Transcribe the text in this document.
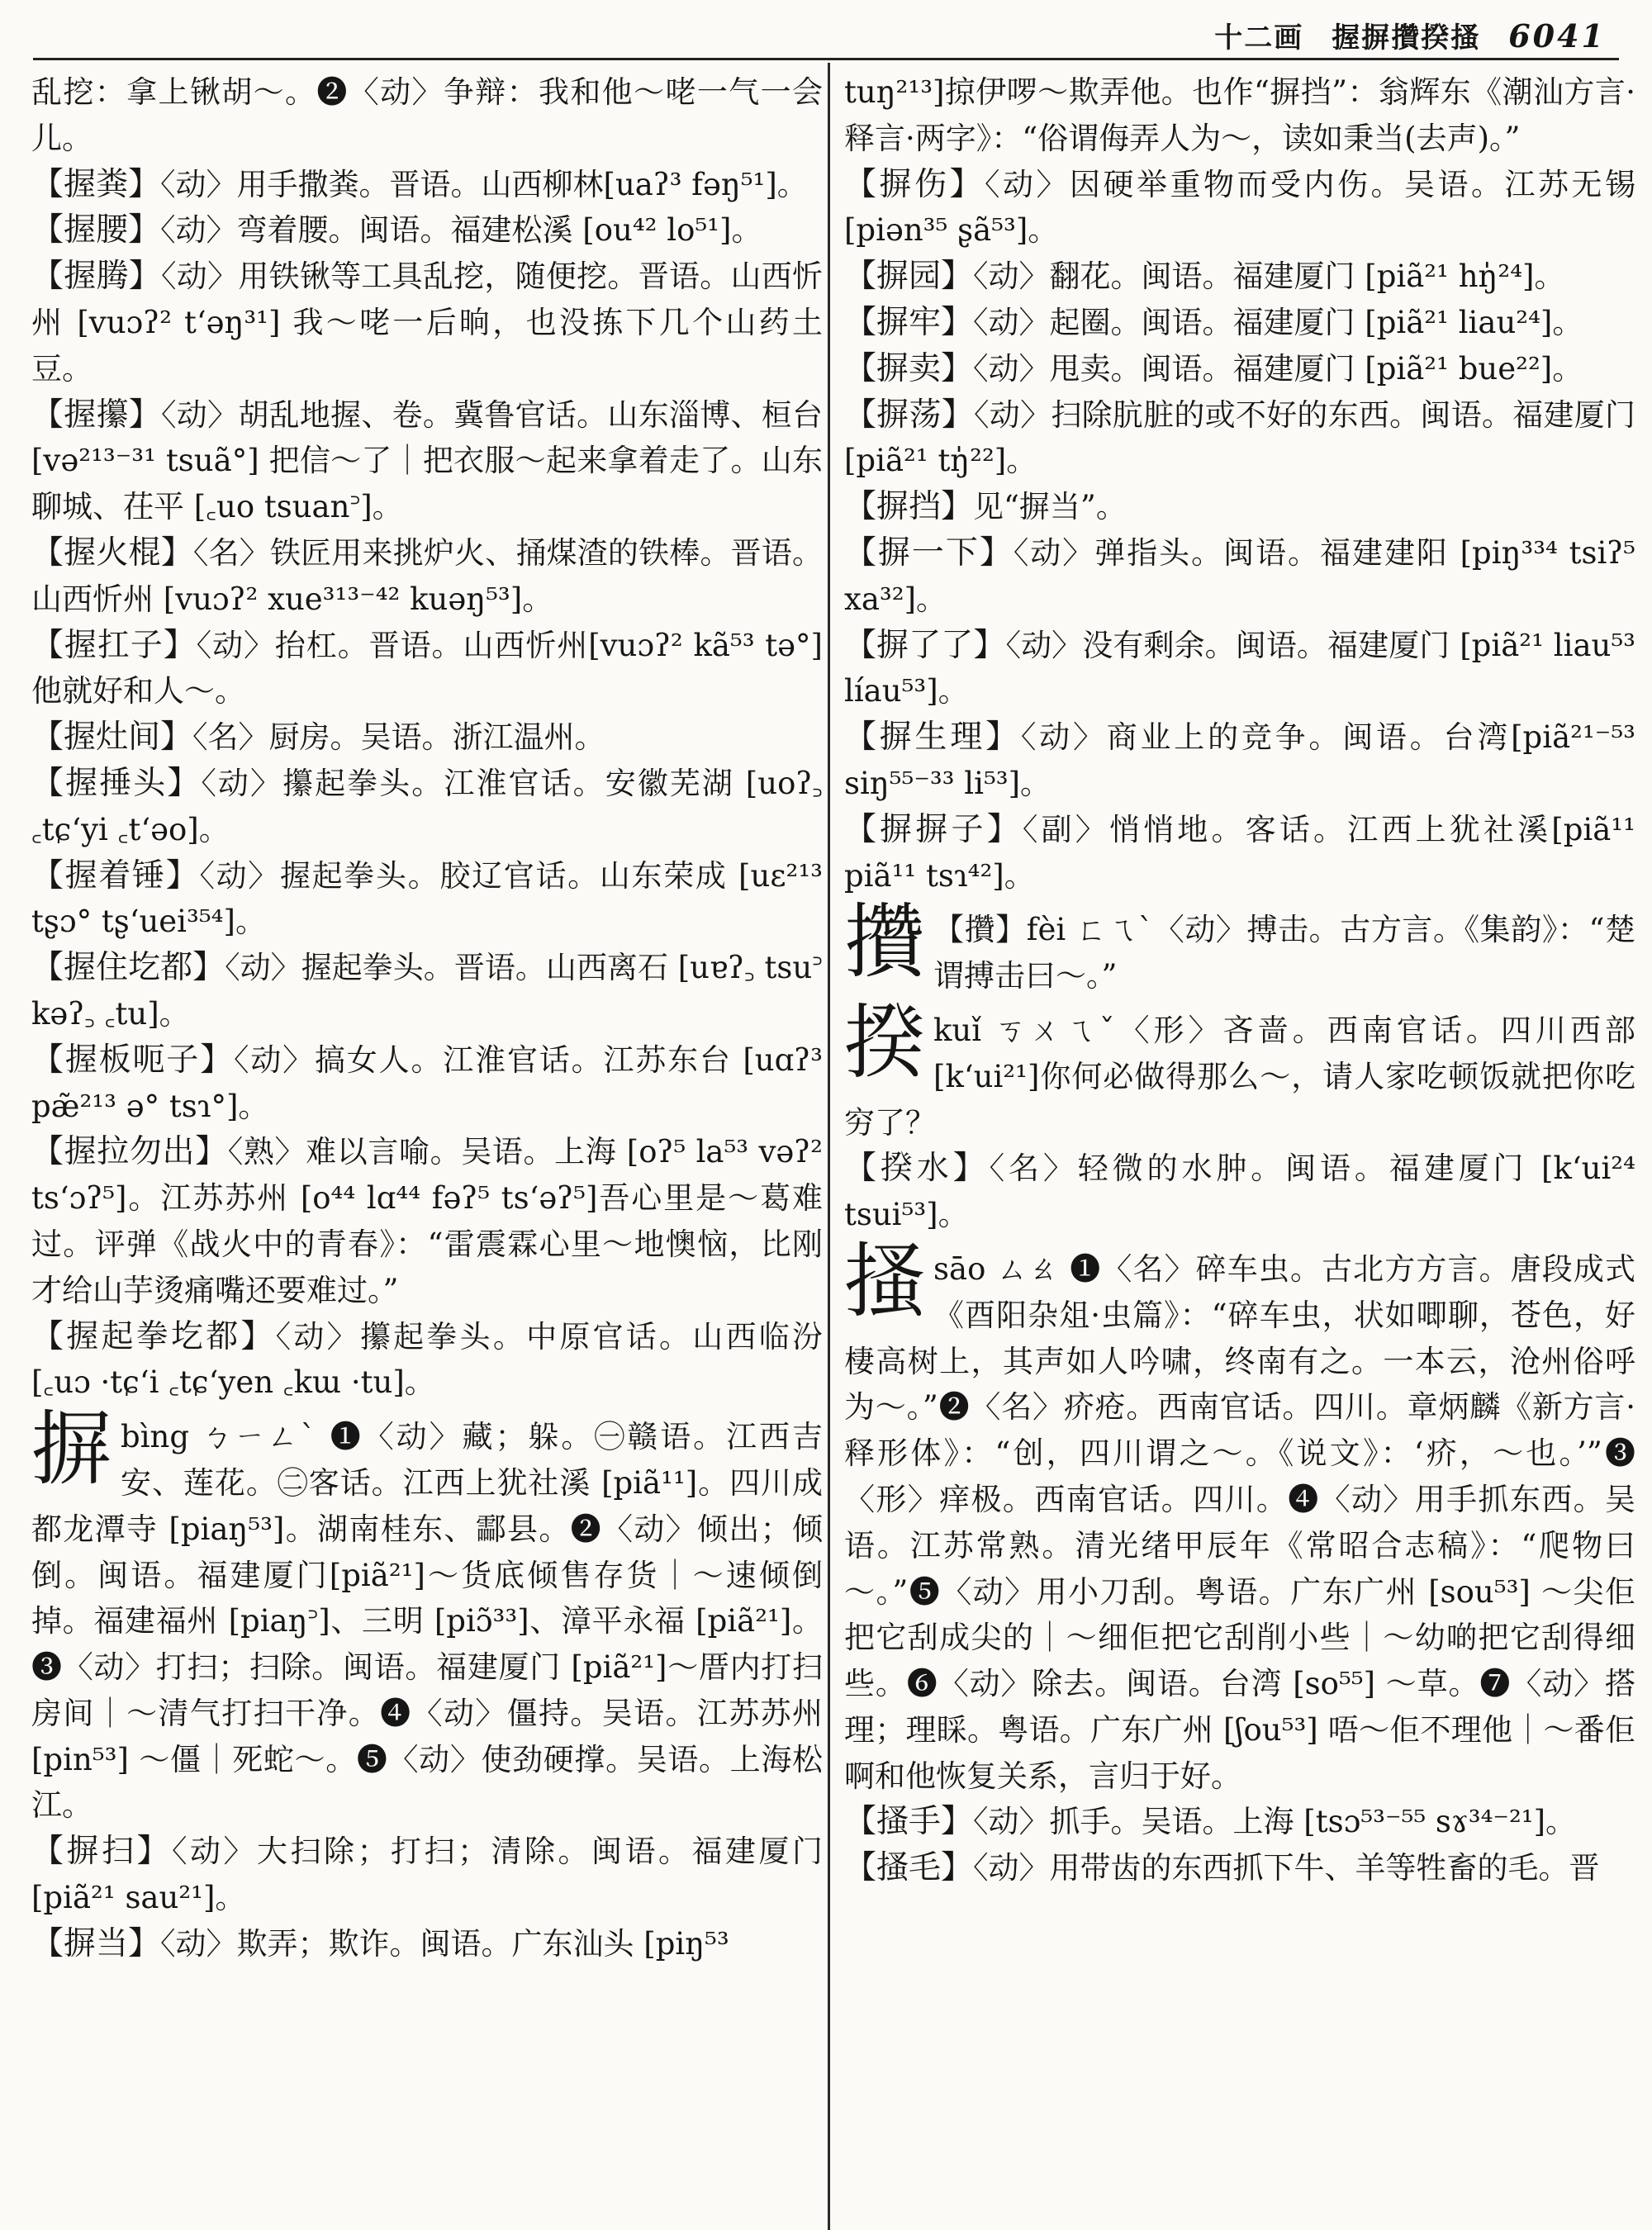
十二画 握摒攢揆搔 6041
乱挖：拿上锹胡～。❷〈动〉争辩：我和他～咾一气一会儿。
【握粪】〈动〉用手撒粪。晋语。山西柳林[uaʔ³ fəŋ⁵¹]。
【握腰】〈动〉弯着腰。闽语。福建松溪 [ou⁴² lo⁵¹]。
【握腾】〈动〉用铁锹等工具乱挖，随便挖。晋语。山西忻州 [vuɔʔ² tʻəŋ³¹] 我～咾一后晌，也没拣下几个山药土豆。
【握攥】〈动〉胡乱地握、卷。冀鲁官话。山东淄博、桓台 [və²¹³⁻³¹ tsuã°] 把信～了｜把衣服～起来拿着走了。山东聊城、茌平 [꜀uo tsuan꜄]。
【握火棍】〈名〉铁匠用来挑炉火、捅煤渣的铁棒。晋语。山西忻州 [vuɔʔ² xue³¹³⁻⁴² kuəŋ⁵³]。
【握扛子】〈动〉抬杠。晋语。山西忻州[vuɔʔ² kã⁵³ tə°] 他就好和人～。
【握灶间】〈名〉厨房。吴语。浙江温州。
【握捶头】〈动〉攥起拳头。江淮官话。安徽芜湖 [uoʔ꜆ ꜀tɕʻyi ꜀tʻəo]。
【握着锤】〈动〉握起拳头。胶辽官话。山东荣成 [uɛ²¹³ tʂɔ° tʂʻuei³⁵⁴]。
【握住圪都】〈动〉握起拳头。晋语。山西离石 [uɐʔ꜆ tsu꜄ kəʔ꜆ ꜀tu]。
【握板呃子】〈动〉搞女人。江淮官话。江苏东台 [uɑʔ³ pæ̃²¹³ ə° tsɿ°]。
【握拉勿出】〈熟〉难以言喻。吴语。上海 [oʔ⁵ la⁵³ vəʔ² tsʻɔʔ⁵]。江苏苏州 [o⁴⁴ lɑ⁴⁴ fəʔ⁵ tsʻəʔ⁵]吾心里是～葛难过。评弹《战火中的青春》：“雷震霖心里～地懊恼，比刚才给山芋烫痛嘴还要难过。”
【握起拳圪都】〈动〉攥起拳头。中原官话。山西临汾 [꜀uɔ ·tɕʻi ꜀tɕʻyen ꜀kɯ ·tu]。
摒bìng ㄅㄧㄥˋ ❶〈动〉藏；躲。㊀赣语。江西吉安、莲花。㊁客话。江西上犹社溪 [piã¹¹]。四川成都龙潭寺 [piaŋ⁵³]。湖南桂东、酃县。❷〈动〉倾出；倾倒。闽语。福建厦门[piã²¹]～货底倾售存货｜～速倾倒掉。福建福州 [piaŋ꜄]、三明 [piɔ̃³³]、漳平永福 [piã²¹]。❸〈动〉打扫；扫除。闽语。福建厦门 [piã²¹]～厝内打扫房间｜～清气打扫干净。❹〈动〉僵持。吴语。江苏苏州 [pin⁵³] ～僵｜死蛇～。❺〈动〉使劲硬撑。吴语。上海松江。
【摒扫】〈动〉大扫除；打扫；清除。闽语。福建厦门 [piã²¹ sau²¹]。
【摒当】〈动〉欺弄；欺诈。闽语。广东汕头 [piŋ⁵³
tuŋ²¹³]掠伊啰～欺弄他。也作“摒挡”：翁辉东《潮汕方言·释言·两字》：“俗谓侮弄人为～，读如秉当(去声)。”
【摒伤】〈动〉因硬举重物而受内伤。吴语。江苏无锡 [piən³⁵ ʂã⁵³]。
【摒园】〈动〉翻花。闽语。福建厦门 [piã²¹ hŋ̍²⁴]。
【摒牢】〈动〉起圈。闽语。福建厦门 [piã²¹ liau²⁴]。
【摒卖】〈动〉甩卖。闽语。福建厦门 [piã²¹ bue²²]。
【摒荡】〈动〉扫除肮脏的或不好的东西。闽语。福建厦门 [piã²¹ tŋ̍²²]。
【摒挡】见“摒当”。
【摒一下】〈动〉弹指头。闽语。福建建阳 [piŋ³³⁴ tsiʔ⁵ xa³²]。
【摒了了】〈动〉没有剩余。闽语。福建厦门 [piã²¹ liau⁵³ líau⁵³]。
【摒生理】〈动〉商业上的竞争。闽语。台湾[piã²¹⁻⁵³ siŋ⁵⁵⁻³³ li⁵³]。
【摒摒子】〈副〉悄悄地。客话。江西上犹社溪[piã¹¹ piã¹¹ tsɿ⁴²]。
攢 【攢】fèi ㄈㄟˋ〈动〉搏击。古方言。《集韵》：“楚谓搏击曰～。”
揆kuǐ ㄎㄨㄟˇ〈形〉吝啬。西南官话。四川西部 [kʻui²¹]你何必做得那么～，请人家吃顿饭就把你吃穷了？
【揆水】〈名〉轻微的水肿。闽语。福建厦门 [kʻui²⁴ tsui⁵³]。
搔sāo ㄙㄠ ❶〈名〉碎车虫。古北方方言。唐段成式《酉阳杂俎·虫篇》：“碎车虫，状如唧聊，苍色，好棲高树上，其声如人吟啸，终南有之。一本云，沧州俗呼为～。”❷〈名〉疥疮。西南官话。四川。章炳麟《新方言·释形体》：“创，四川谓之～。《说文》：‘疥，～也。’”❸〈形〉痒极。西南官话。四川。❹〈动〉用手抓东西。吴语。江苏常熟。清光绪甲辰年《常昭合志稿》：“爬物曰～。”❺〈动〉用小刀刮。粤语。广东广州 [sou⁵³] ～尖佢把它刮成尖的｜～细佢把它刮削小些｜～幼啲把它刮得细些。❻〈动〉除去。闽语。台湾 [so⁵⁵] ～草。❼〈动〉搭理；理睬。粤语。广东广州 [ʃou⁵³] 唔～佢不理他｜～番佢啊和他恢复关系，言归于好。
【搔手】〈动〉抓手。吴语。上海 [tsɔ⁵³⁻⁵⁵ sɤ³⁴⁻²¹]。
【搔毛】〈动〉用带齿的东西抓下牛、羊等牲畜的毛。晋
